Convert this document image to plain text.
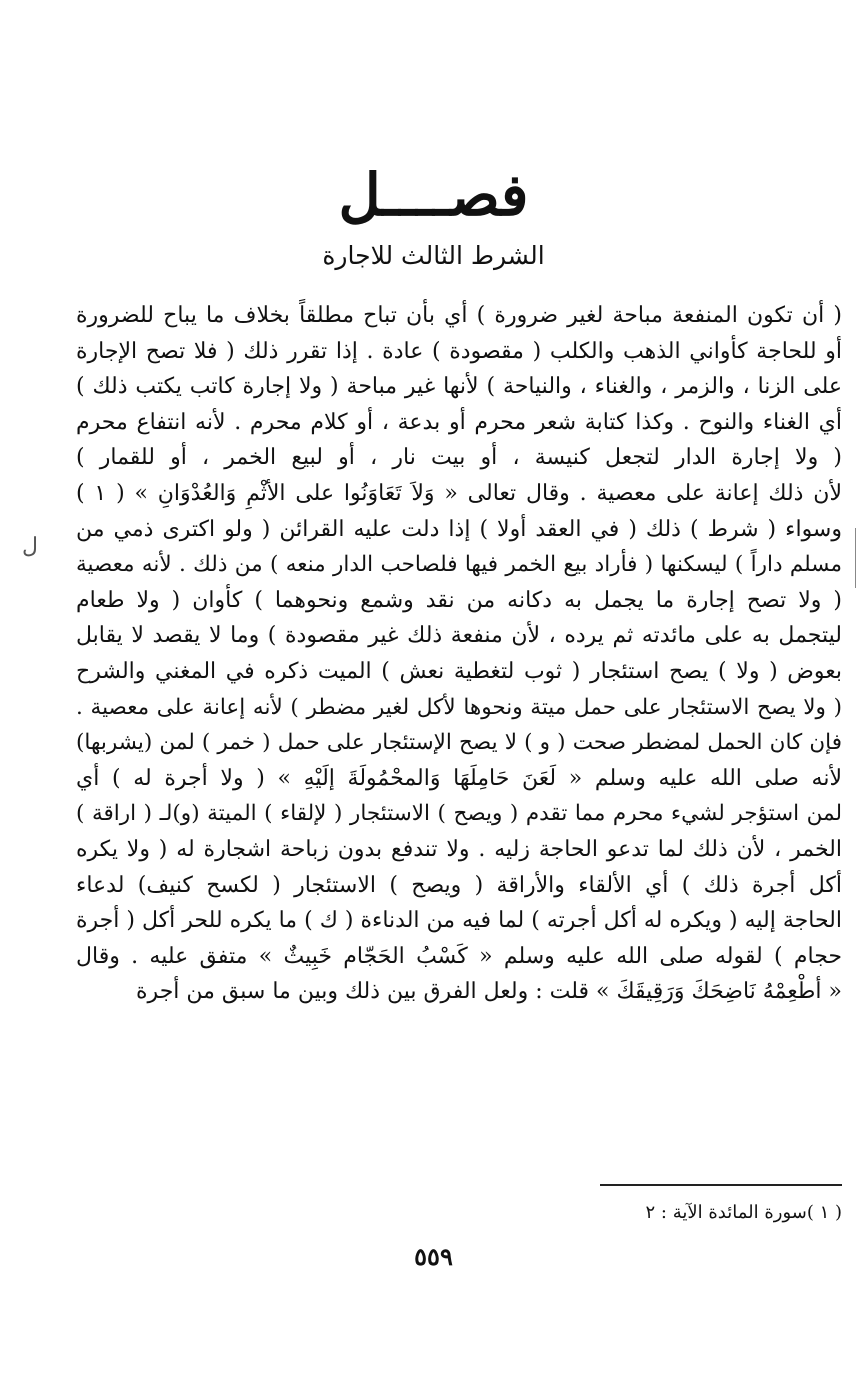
فصــــل
الشرط الثالث للاجارة
( أن تكون المنفعة مباحة لغير ضرورة ) أي بأن تباح مطلقاً بخلاف ما يباح للضرورة
أو للحاجة كأواني الذهب والكلب ( مقصودة ) عادة . إذا تقرر ذلك ( فلا تصح الإجارة
على الزنا ، والزمر ، والغناء ، والنياحة ) لأنها غير مباحة ( ولا إجارة كاتب يكتب ذلك )
أي الغناء والنوح . وكذا كتابة شعر محرم أو بدعة ، أو كلام محرم . لأنه انتفاع محرم
( ولا إجارة الدار لتجعل كنيسة ، أو بيت نار ، أو لبيع الخمر ، أو للقمار )
لأن ذلك إعانة على معصية . وقال تعالى « وَلاَ تَعَاوَنُوا على الأثْمِ وَالعُدْوَانِ » ( ١ )
وسواء ( شرط ) ذلك ( في العقد أولا ) إذا دلت عليه القرائن ( ولو اكترى ذمي من
مسلم داراً ) ليسكنها ( فأراد بيع الخمر فيها فلصاحب الدار منعه ) من ذلك . لأنه معصية
( ولا تصح إجارة ما يجمل به دكانه من نقد وشمع ونحوهما ) كأوان ( ولا طعام
ليتجمل به على مائدته ثم يرده ، لأن منفعة ذلك غير مقصودة ) وما لا يقصد لا يقابل
بعوض ( ولا ) يصح استئجار ( ثوب لتغطية نعش ) الميت ذكره في المغني والشرح
( ولا يصح الاستئجار على حمل ميتة ونحوها لأكل لغير مضطر ) لأنه إعانة على معصية .
فإن كان الحمل لمضطر صحت ( و ) لا يصح الإستئجار على حمل ( خمر ) لمن (يشربها)
لأنه صلى الله عليه وسلم « لَعَنَ حَامِلَهَا وَالمحْمُولَةَ إلَيْهِ » ( ولا أجرة له ) أي
لمن استؤجر لشيء محرم مما تقدم ( ويصح ) الاستئجار ( لإلقاء ) الميتة (و)لـ ( اراقة )
الخمر ، لأن ذلك لما تدعو الحاجة زليه . ولا تندفع بدون زباحة اشجارة له ( ولا يكره
أكل أجرة ذلك ) أي الألقاء والأراقة ( ويصح ) الاستئجار ( لكسح كنيف) لدعاء
الحاجة إليه ( ويكره له أكل أجرته ) لما فيه من الدناءة ( ك ) ما يكره للحر أكل ( أجرة
حجام ) لقوله صلى الله عليه وسلم « كَسْبُ الحَجّام خَبِيثٌ » متفق عليه . وقال
« أطْعِمْهُ نَاضِحَكَ وَرَقِيقَكَ » قلت : ولعل الفرق بين ذلك وبين ما سبق من أجرة
ل
( ١ )سورة المائدة الآية : ٢
٥٥٩
